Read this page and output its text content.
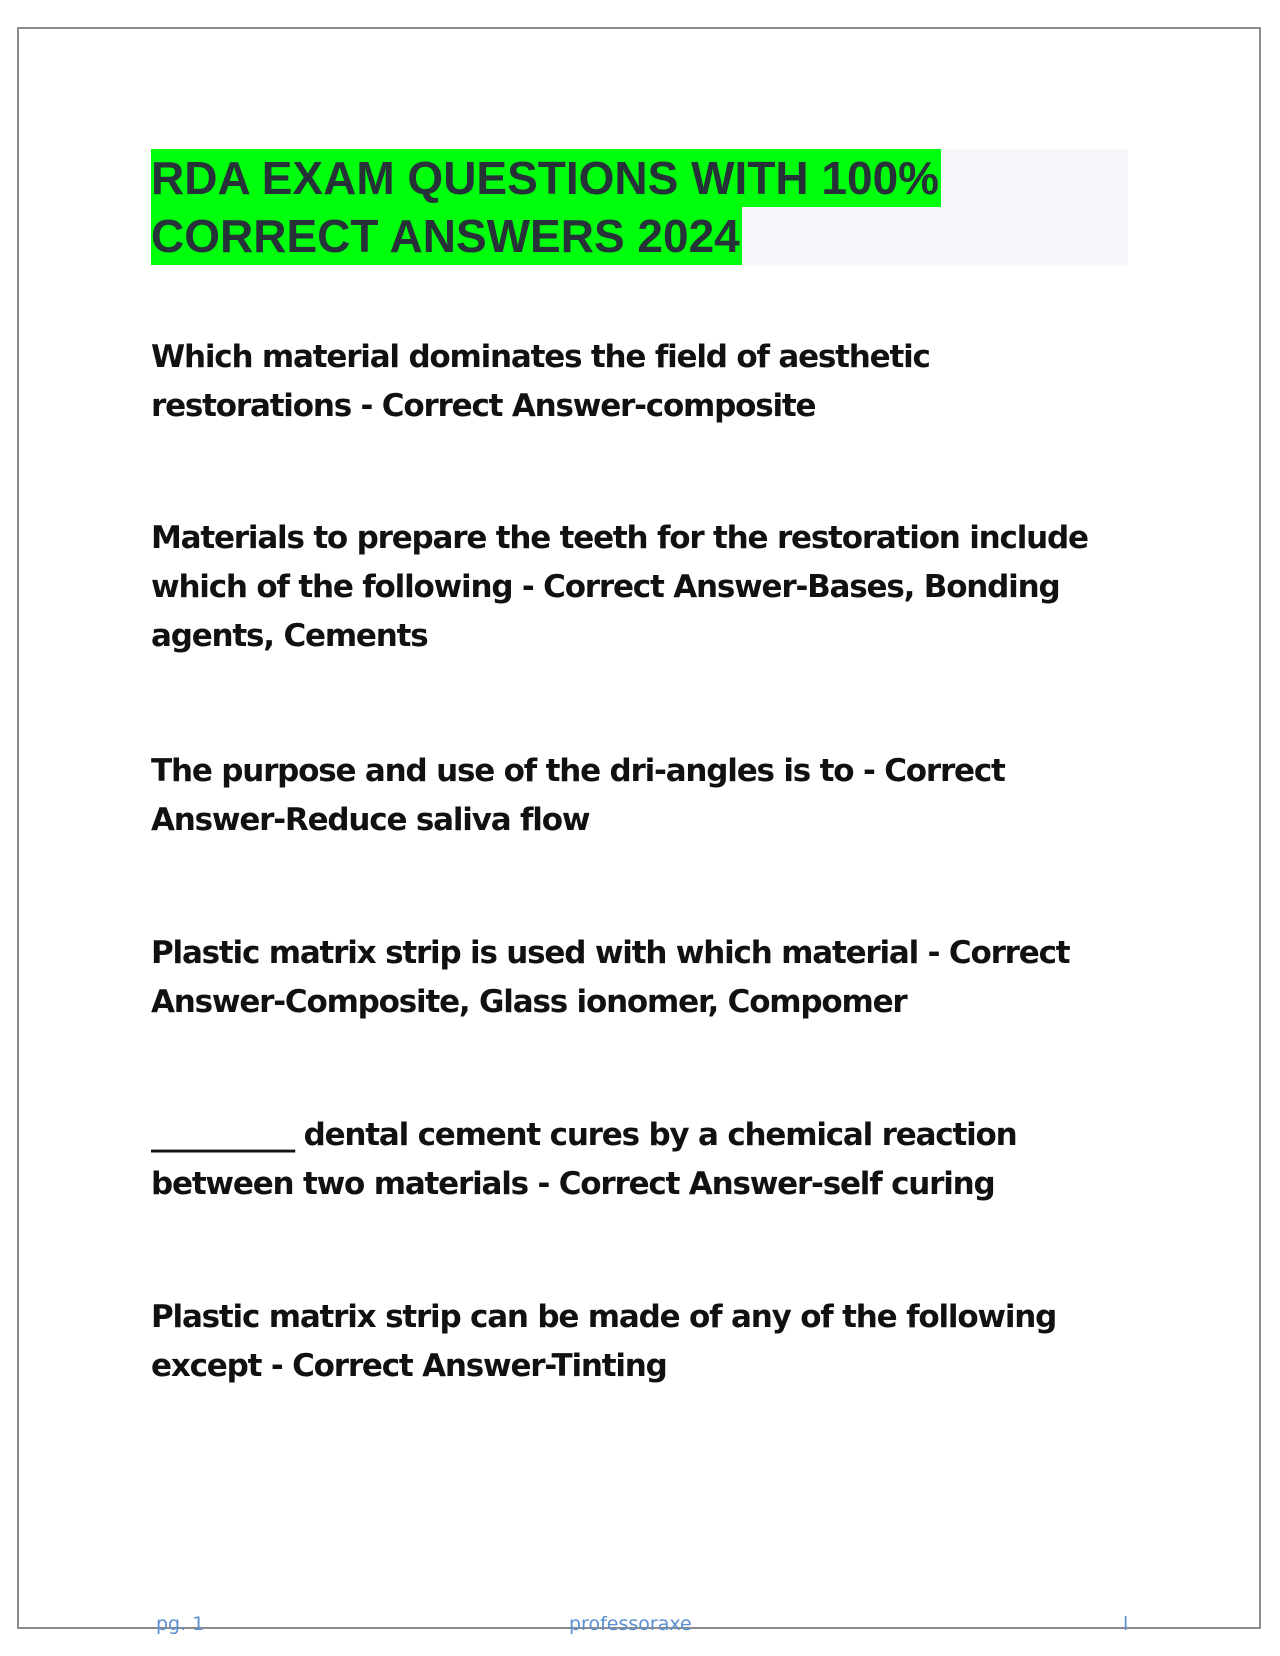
RDA EXAM QUESTIONS WITH 100%
CORRECT ANSWERS 2024
Which material dominates the field of aesthetic restorations - Correct Answer-composite
Materials to prepare the teeth for the restoration include which of the following - Correct Answer-Bases, Bonding agents, Cements
The purpose and use of the dri-angles is to - Correct Answer-Reduce saliva flow
Plastic matrix strip is used with which material - Correct Answer-Composite, Glass ionomer, Compomer
__________ dental cement cures by a chemical reaction between two materials - Correct Answer-self curing
Plastic matrix strip can be made of any of the following except - Correct Answer-Tinting
pg. 1	professoraxe	l
